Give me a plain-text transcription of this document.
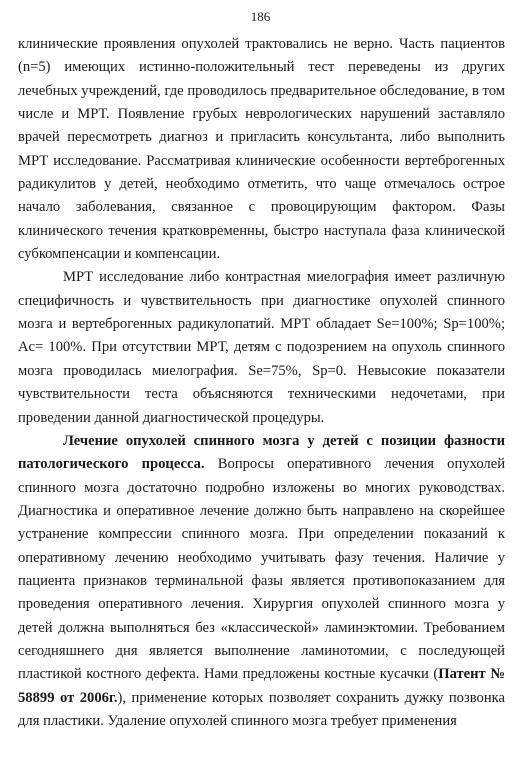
186

клинические проявления опухолей трактовались не верно. Часть пациентов (n=5) имеющих истинно-положительный тест переведены из других лечебных учреждений, где проводилось предварительное обследование, в том числе и МРТ. Появление грубых неврологических нарушений заставляло врачей пересмотреть диагноз и пригласить консультанта, либо выполнить МРТ исследование. Рассматривая клинические особенности вертеброгенных радикулитов у детей, необходимо отметить, что чаще отмечалось острое начало заболевания, связанное с провоцирующим фактором. Фазы клинического течения кратковременны, быстро наступала фаза клинической субкомпенсации и компенсации.

МРТ исследование либо контрастная миелография имеет различную специфичность и чувствительность при диагностике опухолей спинного мозга и вертеброгенных радикулопатий. МРТ обладает Se=100%; Sp=100%; Ac= 100%. При отсутствии МРТ, детям с подозрением на опухоль спинного мозга проводилась миелография. Se=75%, Sp=0. Невысокие показатели чувствительности теста объясняются техническими недочетами, при проведении данной диагностической процедуры.

Лечение опухолей спинного мозга у детей с позиции фазности патологического процесса. Вопросы оперативного лечения опухолей спинного мозга достаточно подробно изложены во многих руководствах. Диагностика и оперативное лечение должно быть направлено на скорейшее устранение компрессии спинного мозга. При определении показаний к оперативному лечению необходимо учитывать фазу течения. Наличие у пациента признаков терминальной фазы является противопоказанием для проведения оперативного лечения. Хирургия опухолей спинного мозга у детей должна выполняться без «классической» ламинэктомии. Требованием сегодняшнего дня является выполнение ламинотомии, с последующей пластикой костного дефекта. Нами предложены костные кусачки (Патент № 58899 от 2006г.), применение которых позволяет сохранить дужку позвонка для пластики. Удаление опухолей спинного мозга требует применения
